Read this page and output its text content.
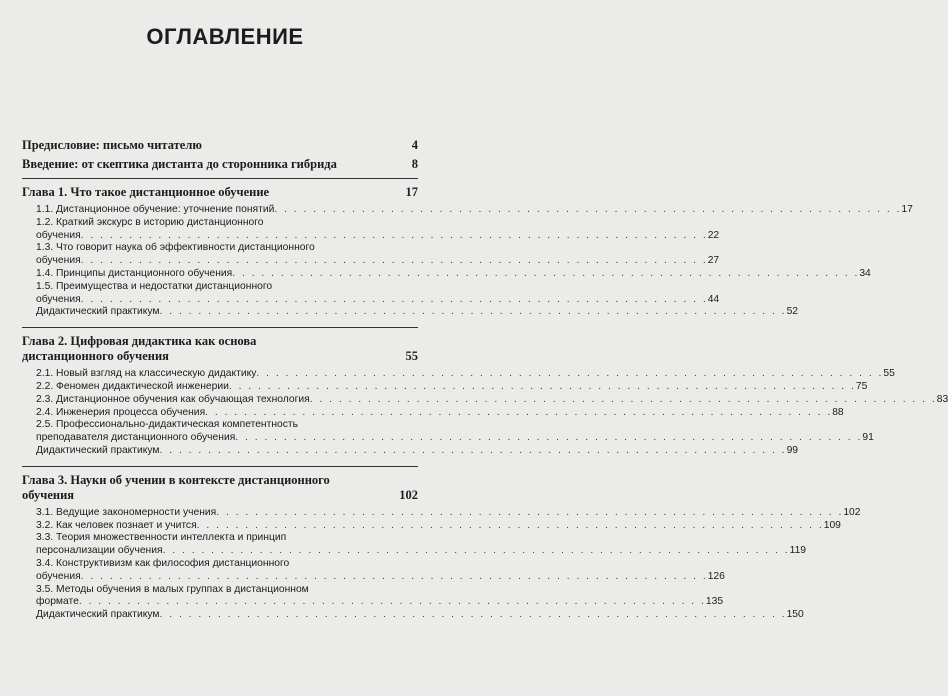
ОГЛАВЛЕНИЕ
Предисловие: письмо читателю	4
Введение: от скептика дистанта до сторонника гибрида	8
Глава 1. Что такое дистанционное обучение	17
1.1. Дистанционное обучение: уточнение понятий . . . . . . . . . . . . . . . . . . . . . . . . . . . . . . . . . . . . . . . . . . . . . . . . . . . . . . . . . . . . . . . . . 17
1.2. Краткий экскурс в историю дистанционного
обучения . . . . . . . . . . . . . . . . . . . . . . . . . . . . . . . . . . . . . . . . . . . . . . . . . . . . . . . . . . . . . . . . . 22
1.3. Что говорит наука об эффективности дистанционного
обучения . . . . . . . . . . . . . . . . . . . . . . . . . . . . . . . . . . . . . . . . . . . . . . . . . . . . . . . . . . . . . . . . . 27
1.4. Принципы дистанционного обучения . . . . . . . . . . . . . . . . . . . . . . . . . . . . . . . . . . . . . . . . . . . . . . . . . . . . . . . . . . . . . . . . . 34
1.5. Преимущества и недостатки дистанционного
обучения . . . . . . . . . . . . . . . . . . . . . . . . . . . . . . . . . . . . . . . . . . . . . . . . . . . . . . . . . . . . . . . . . 44
Дидактический практикум . . . . . . . . . . . . . . . . . . . . . . . . . . . . . . . . . . . . . . . . . . . . . . . . . . . . . . . . . . . . . . . . . 52
Глава 2. Цифровая дидактика как основа
дистанционного обучения	55
2.1. Новый взгляд на классическую дидактику . . . . . . . . . . . . . . . . . . . . . . . . . . . . . . . . . . . . . . . . . . . . . . . . . . . . . . . . . . . . . . . . . 55
2.2. Феномен дидактической инженерии . . . . . . . . . . . . . . . . . . . . . . . . . . . . . . . . . . . . . . . . . . . . . . . . . . . . . . . . . . . . . . . . . 75
2.3. Дистанционное обучения как обучающая технология . . . . . . . . . . . . . . . . . . . . . . . . . . . . . . . . . . . . . . . . . . . . . . . . . . . . . . . . . . . . . . . . . 83
2.4. Инженерия процесса обучения . . . . . . . . . . . . . . . . . . . . . . . . . . . . . . . . . . . . . . . . . . . . . . . . . . . . . . . . . . . . . . . . . 88
2.5. Профессионально-дидактическая компетентность
преподавателя дистанционного обучения . . . . . . . . . . . . . . . . . . . . . . . . . . . . . . . . . . . . . . . . . . . . . . . . . . . . . . . . . . . . . . . . . 91
Дидактический практикум . . . . . . . . . . . . . . . . . . . . . . . . . . . . . . . . . . . . . . . . . . . . . . . . . . . . . . . . . . . . . . . . . 99
Глава 3. Науки об учении в контексте дистанционного
обучения	102
3.1. Ведущие закономерности учения . . . . . . . . . . . . . . . . . . . . . . . . . . . . . . . . . . . . . . . . . . . . . . . . . . . . . . . . . . . . . . . . . 102
3.2. Как человек познает и учится . . . . . . . . . . . . . . . . . . . . . . . . . . . . . . . . . . . . . . . . . . . . . . . . . . . . . . . . . . . . . . . . . 109
3.3. Теория множественности интеллекта и принцип
персонализации обучения . . . . . . . . . . . . . . . . . . . . . . . . . . . . . . . . . . . . . . . . . . . . . . . . . . . . . . . . . . . . . . . . . 119
3.4. Конструктивизм как философия дистанционного
обучения . . . . . . . . . . . . . . . . . . . . . . . . . . . . . . . . . . . . . . . . . . . . . . . . . . . . . . . . . . . . . . . . . 126
3.5. Методы обучения в малых группах в дистанционном
формате . . . . . . . . . . . . . . . . . . . . . . . . . . . . . . . . . . . . . . . . . . . . . . . . . . . . . . . . . . . . . . . . . 135
Дидактический практикум . . . . . . . . . . . . . . . . . . . . . . . . . . . . . . . . . . . . . . . . . . . . . . . . . . . . . . . . . . . . . . . . . 150
